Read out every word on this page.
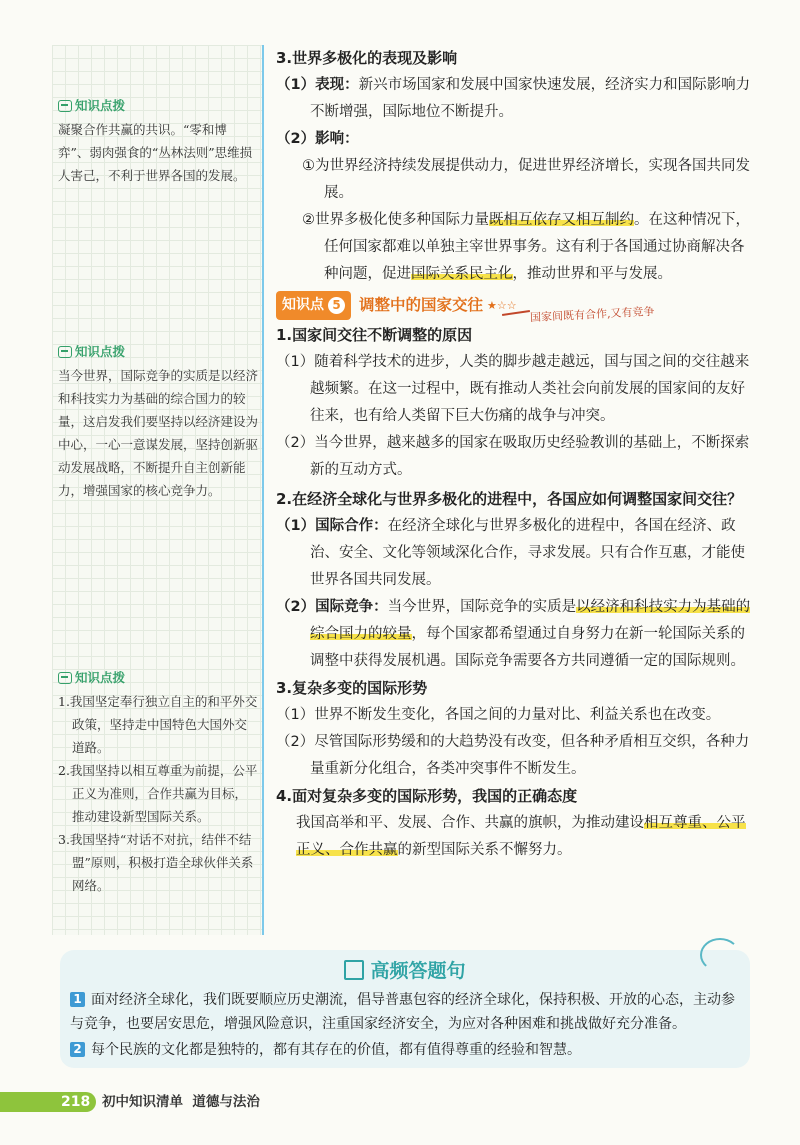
知识点拨
凝聚合作共赢的共识。“零和博弈”、弱肉强食的“丛林法则”思维损人害己，不利于世界各国的发展。
知识点拨
当今世界，国际竞争的实质是以经济和科技实力为基础的综合国力的较量，这启发我们要坚持以经济建设为中心，一心一意谋发展，坚持创新驱动发展战略，不断提升自主创新能力，增强国家的核心竞争力。
知识点拨
1.我国坚定奉行独立自主的和平外交政策，坚持走中国特色大国外交道路。
2.我国坚持以相互尊重为前提，公平正义为准则，合作共赢为目标，推动建设新型国际关系。
3.我国坚持“对话不对抗，结伴不结盟”原则，积极打造全球伙伴关系网络。

3.世界多极化的表现及影响

（1）表现：新兴市场国家和发展中国家快速发展，经济实力和国际影响力不断增强，国际地位不断提升。

（2）影响：

①为世界经济持续发展提供动力，促进世界经济增长，实现各国共同发展。

②世界多极化使多种国际力量既相互依存又相互制约。在这种情况下，任何国家都难以单独主宰世界事务。这有利于各国通过协商解决各种问题，促进国际关系民主化，推动世界和平与发展。

知识点 5 调整中的国家交往 ★☆☆

1.国家间交往不断调整的原因

（1）随着科学技术的进步，人类的脚步越走越远，国与国之间的交往越来越频繁。在这一过程中，既有推动人类社会向前发展的国家间的友好往来，也有给人类留下巨大伤痛的战争与冲突。

（2）当今世界，越来越多的国家在吸取历史经验教训的基础上，不断探索新的互动方式。

2.在经济全球化与世界多极化的进程中，各国应如何调整国家间交往？

（1）国际合作：在经济全球化与世界多极化的进程中，各国在经济、政治、安全、文化等领域深化合作，寻求发展。只有合作互惠，才能使世界各国共同发展。

（2）国际竞争：当今世界，国际竞争的实质是以经济和科技实力为基础的综合国力的较量，每个国家都希望通过自身努力在新一轮国际关系的调整中获得发展机遇。国际竞争需要各方共同遵循一定的国际规则。

3.复杂多变的国际形势

（1）世界不断发生变化，各国之间的力量对比、利益关系也在改变。

（2）尽管国际形势缓和的大趋势没有改变，但各种矛盾相互交织，各种力量重新分化组合，各类冲突事件不断发生。

4.面对复杂多变的国际形势，我国的正确态度

我国高举和平、发展、合作、共赢的旗帜，为推动建设相互尊重、公平正义、合作共赢的新型国际关系不懈努力。

国家间既有合作,又有竞争
高频答题句
1 面对经济全球化，我们既要顺应历史潮流，倡导普惠包容的经济全球化，保持积极、开放的心态，主动参与竞争，也要居安思危，增强风险意识，注重国家经济安全，为应对各种困难和挑战做好充分准备。
2 每个民族的文化都是独特的，都有其存在的价值，都有值得尊重的经验和智慧。
218 初中知识清单 道德与法治
